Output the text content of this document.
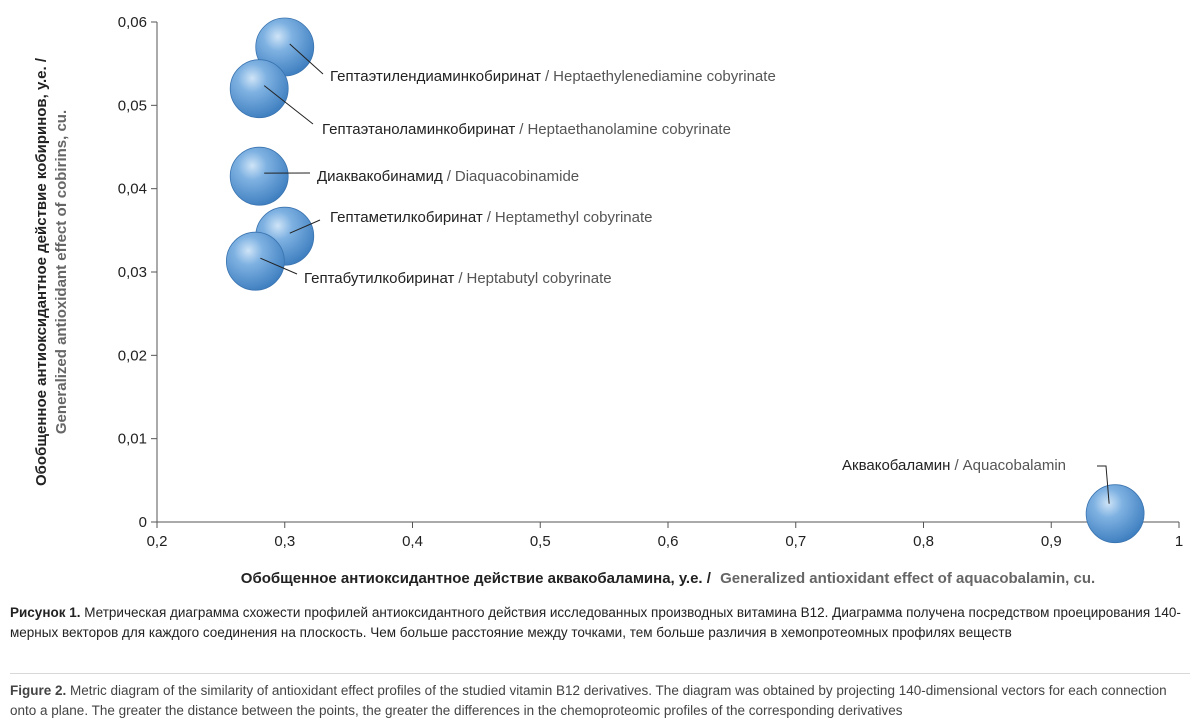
0
0,01
0,02
0,03
0,04
0,05
0,06
0,2	0,3	0,4	0,5	0,6	0,7	0,8	0,9	1
Гептаэтилендиаминкобиринат / Heptaethylenediamine cobyrinate
Гептаэтаноламинкобиринат / Heptaethanolamine cobyrinate
Диаквакобинамид / Diaquacobinamide
Гептаметилкобиринат / Heptamethyl cobyrinate
Гептабутилкобиринат / Heptabutyl cobyrinate
Аквакобаламин / Aquacobalamin
Обобщенное антиоксидантное действие кобиринов, у.е. / Generalized antioxidant effect of cobirins, cu.
Обобщенное антиоксидантное действие аквакобаламина, у.е. / Generalized antioxidant effect of aquacobalamin, cu.
Рисунок 1. Метрическая диаграмма схожести профилей антиоксидантного действия исследованных производных витамина B12. Диаграмма получена посредством проецирования 140-мерных векторов для каждого соединения на плоскость. Чем больше расстояние между точками, тем больше различия в хемопротеомных профилях веществ
Figure 2. Metric diagram of the similarity of antioxidant effect profiles of the studied vitamin B12 derivatives. The diagram was obtained by projecting 140-dimensional vectors for each connection onto a plane. The greater the distance between the points, the greater the differences in the chemoproteomic profiles of the corresponding derivatives
